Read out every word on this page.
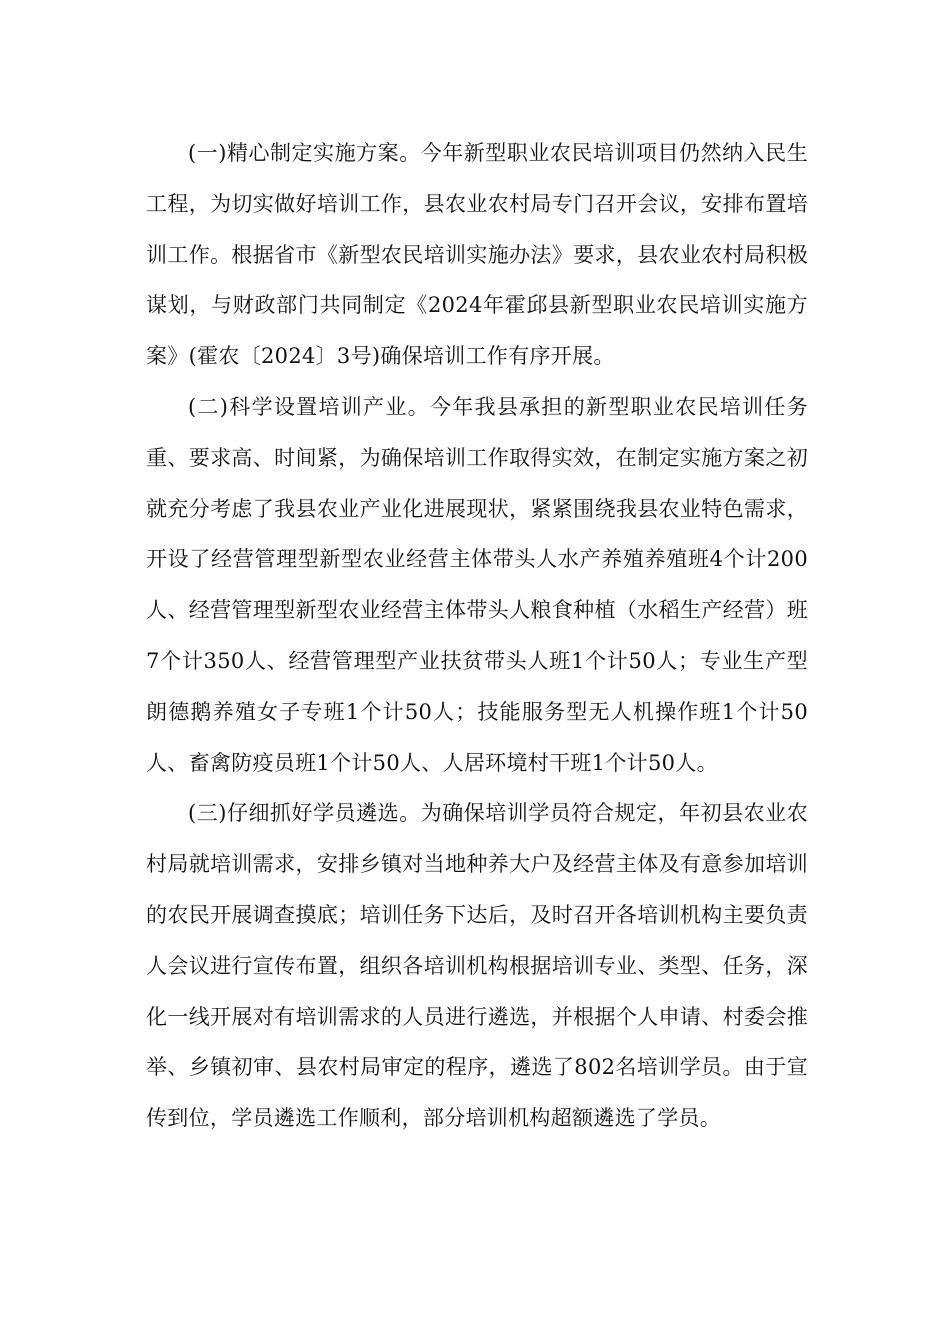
(一)精心制定实施方案。今年新型职业农民培训项目仍然纳入民生工程，为切实做好培训工作，县农业农村局专门召开会议，安排布置培训工作。根据省市《新型农民培训实施办法》要求，县农业农村局积极谋划，与财政部门共同制定《2024年霍邱县新型职业农民培训实施方案》(霍农〔2024〕3号)确保培训工作有序开展。

(二)科学设置培训产业。今年我县承担的新型职业农民培训任务重、要求高、时间紧，为确保培训工作取得实效，在制定实施方案之初就充分考虑了我县农业产业化进展现状，紧紧围绕我县农业特色需求，开设了经营管理型新型农业经营主体带头人水产养殖养殖班4个计200人、经营管理型新型农业经营主体带头人粮食种植（水稻生产经营）班7个计350人、经营管理型产业扶贫带头人班1个计50人；专业生产型朗德鹅养殖女子专班1个计50人；技能服务型无人机操作班1个计50人、畜禽防疫员班1个计50人、人居环境村干班1个计50人。

(三)仔细抓好学员遴选。为确保培训学员符合规定，年初县农业农村局就培训需求，安排乡镇对当地种养大户及经营主体及有意参加培训的农民开展调查摸底；培训任务下达后，及时召开各培训机构主要负责人会议进行宣传布置，组织各培训机构根据培训专业、类型、任务，深化一线开展对有培训需求的人员进行遴选，并根据个人申请、村委会推举、乡镇初审、县农村局审定的程序，遴选了802名培训学员。由于宣传到位，学员遴选工作顺利，部分培训机构超额遴选了学员。
